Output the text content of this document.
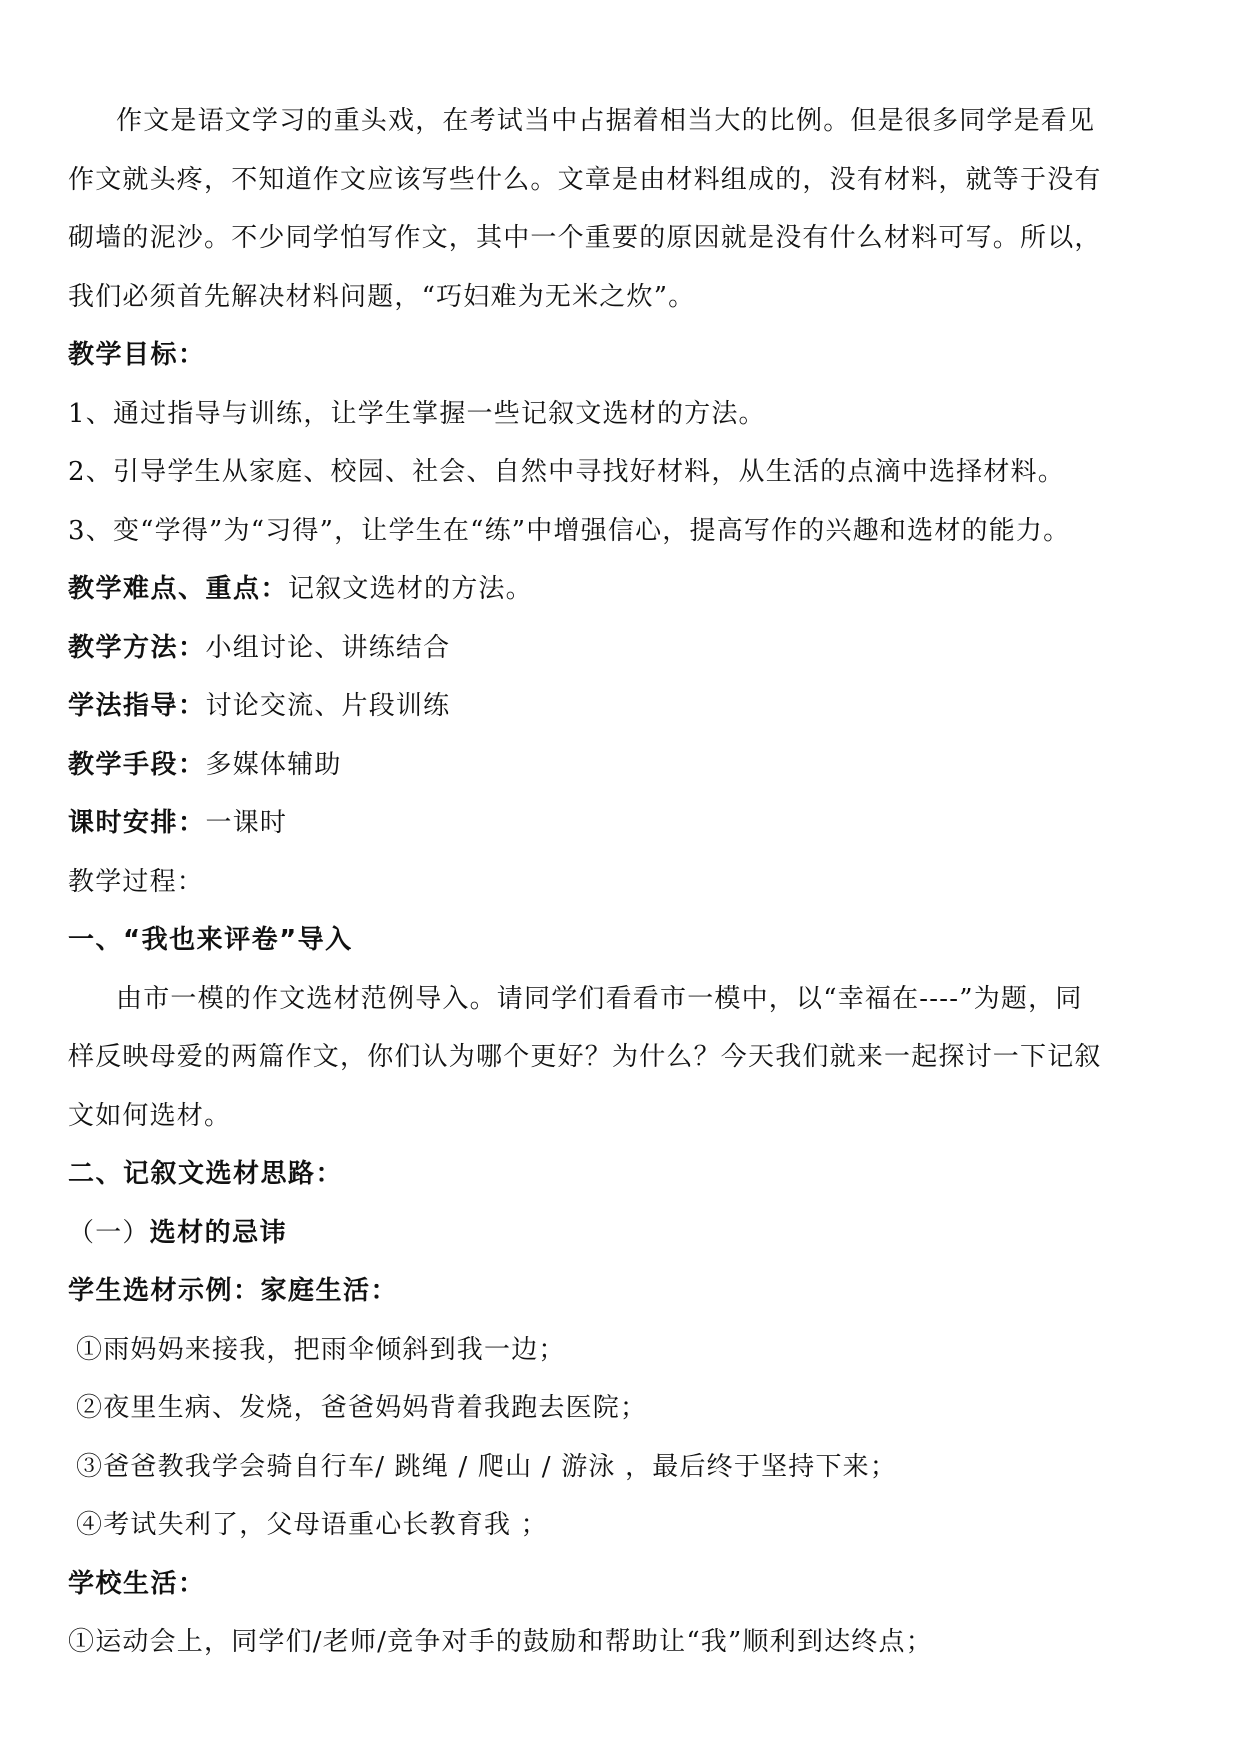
作文是语文学习的重头戏，在考试当中占据着相当大的比例。但是很多同学是看见
作文就头疼，不知道作文应该写些什么。文章是由材料组成的，没有材料，就等于没有
砌墙的泥沙。不少同学怕写作文，其中一个重要的原因就是没有什么材料可写。所以，
我们必须首先解决材料问题，“巧妇难为无米之炊”。
教学目标：
1、通过指导与训练，让学生掌握一些记叙文选材的方法。
2、引导学生从家庭、校园、社会、自然中寻找好材料，从生活的点滴中选择材料。
3、变“学得”为“习得”，让学生在“练”中增强信心，提高写作的兴趣和选材的能力。
教学难点、重点：记叙文选材的方法。
教学方法：小组讨论、讲练结合
学法指导：讨论交流、片段训练
教学手段：多媒体辅助
课时安排：一课时
教学过程：
一、“我也来评卷”导入
由市一模的作文选材范例导入。请同学们看看市一模中，以“幸福在----”为题，同
样反映母爱的两篇作文，你们认为哪个更好？为什么？今天我们就来一起探讨一下记叙
文如何选材。
二、记叙文选材思路：
（一）选材的忌讳
学生选材示例：家庭生活：
①雨妈妈来接我，把雨伞倾斜到我一边；
②夜里生病、发烧，爸爸妈妈背着我跑去医院；
③爸爸教我学会骑自行车/ 跳绳 / 爬山 / 游泳 ，最后终于坚持下来；
④考试失利了，父母语重心长教育我 ；
学校生活：
①运动会上，同学们/老师/竞争对手的鼓励和帮助让“我”顺利到达终点；
